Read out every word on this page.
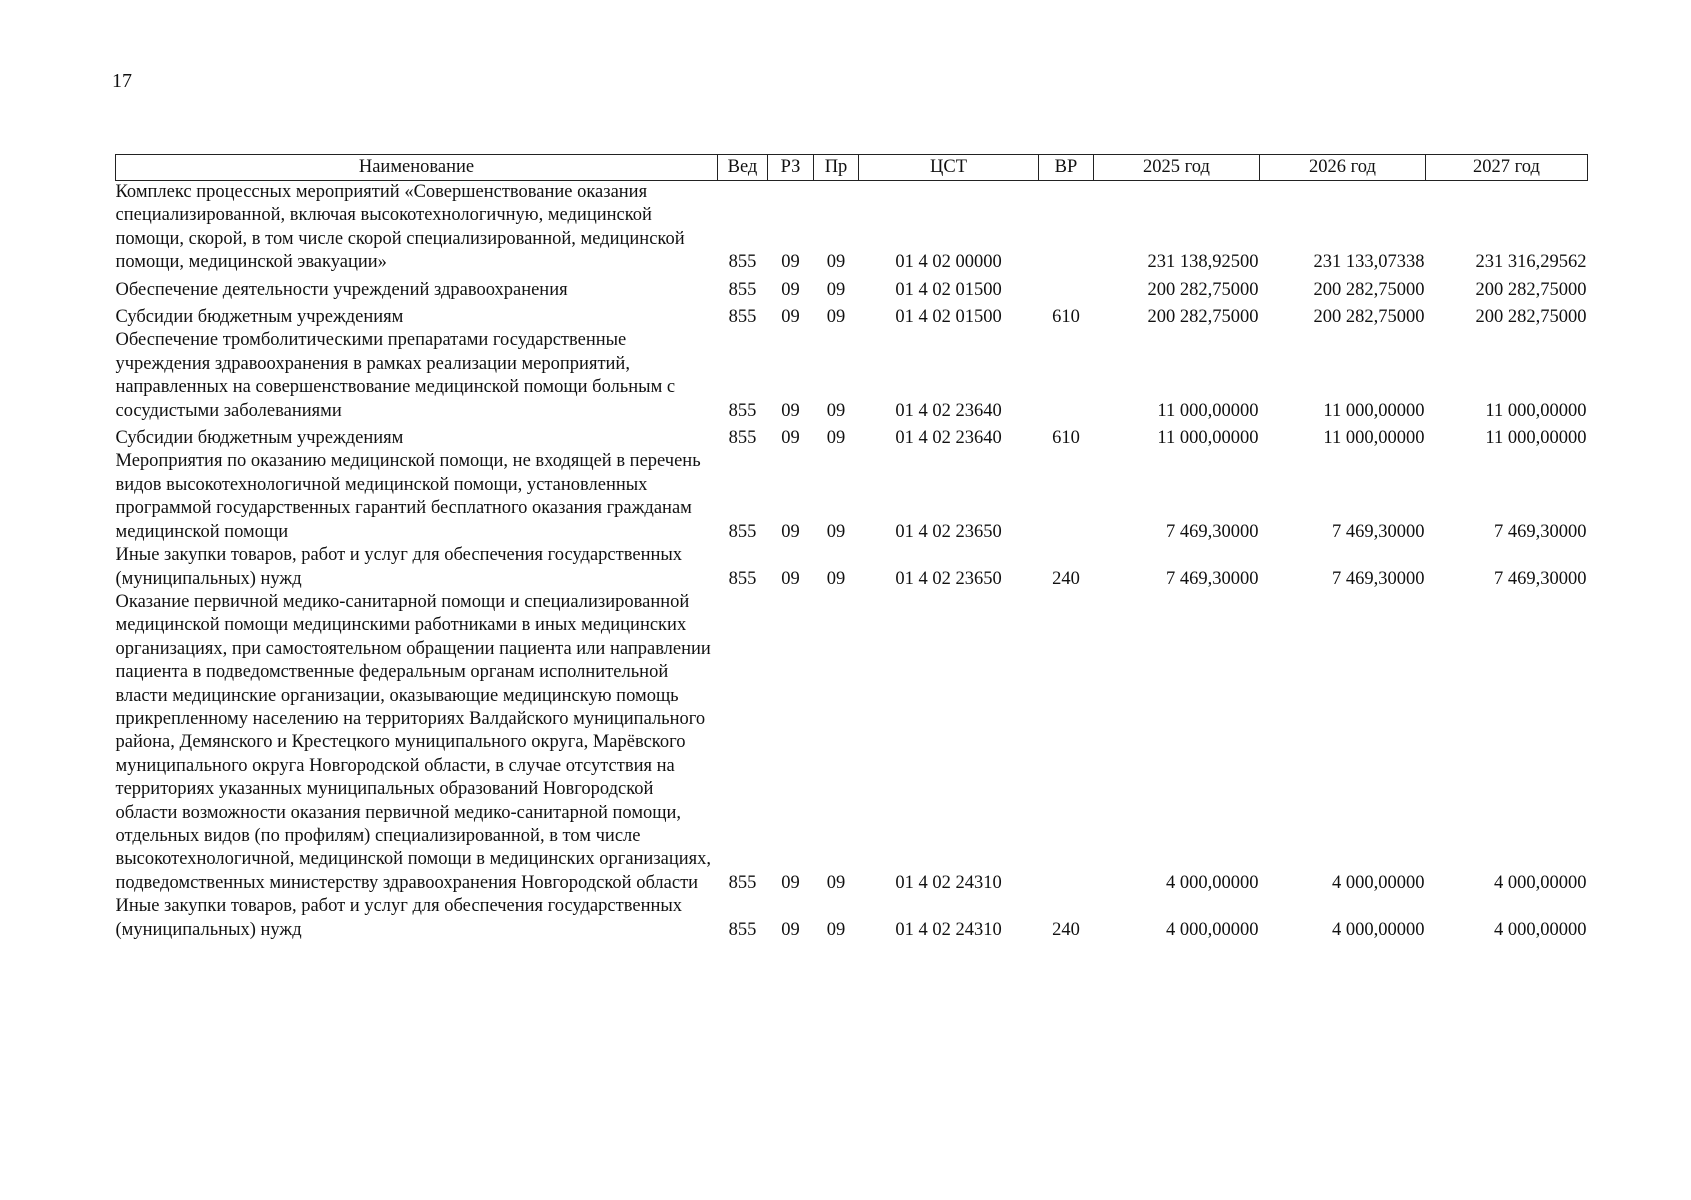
17
Наименование	Вед	РЗ	Пр	ЦСТ	ВР	2025 год	2026 год	2027 год
Комплекс процессных мероприятий «Совершенствование оказания специализированной, включая высокотехнологичную, медицинской помощи, скорой, в том числе скорой специализированной, медицинской помощи, медицинской эвакуации»	855	09	09	01 4 02 00000		231 138,92500	231 133,07338	231 316,29562
Обеспечение деятельности учреждений здравоохранения	855	09	09	01 4 02 01500		200 282,75000	200 282,75000	200 282,75000
Субсидии бюджетным учреждениям	855	09	09	01 4 02 01500	610	200 282,75000	200 282,75000	200 282,75000
Обеспечение тромболитическими препаратами государственные учреждения здравоохранения в рамках реализации мероприятий, направленных на совершенствование медицинской помощи больным с сосудистыми заболеваниями	855	09	09	01 4 02 23640		11 000,00000	11 000,00000	11 000,00000
Субсидии бюджетным учреждениям	855	09	09	01 4 02 23640	610	11 000,00000	11 000,00000	11 000,00000
Мероприятия по оказанию медицинской помощи, не входящей в перечень видов высокотехнологичной медицинской помощи, установленных программой государственных гарантий бесплатного оказания гражданам медицинской помощи	855	09	09	01 4 02 23650		7 469,30000	7 469,30000	7 469,30000
Иные закупки товаров, работ и услуг для обеспечения государственных (муниципальных) нужд	855	09	09	01 4 02 23650	240	7 469,30000	7 469,30000	7 469,30000
Оказание первичной медико-санитарной помощи и специализированной медицинской помощи медицинскими работниками в иных медицинских организациях, при самостоятельном обращении пациента или направлении пациента в подведомственные федеральным органам исполнительной власти медицинские организации, оказывающие медицинскую помощь прикрепленному населению на территориях Валдайского муниципального района, Демянского и Крестецкого муниципального округа, Марёвского муниципального округа Новгородской области, в случае отсутствия на территориях указанных муниципальных образований Новгородской области возможности оказания первичной медико-санитарной помощи, отдельных видов (по профилям) специализированной, в том числе высокотехнологичной, медицинской помощи в медицинских организациях, подведомственных министерству здравоохранения Новгородской области	855	09	09	01 4 02 24310		4 000,00000	4 000,00000	4 000,00000
Иные закупки товаров, работ и услуг для обеспечения государственных (муниципальных) нужд	855	09	09	01 4 02 24310	240	4 000,00000	4 000,00000	4 000,00000
